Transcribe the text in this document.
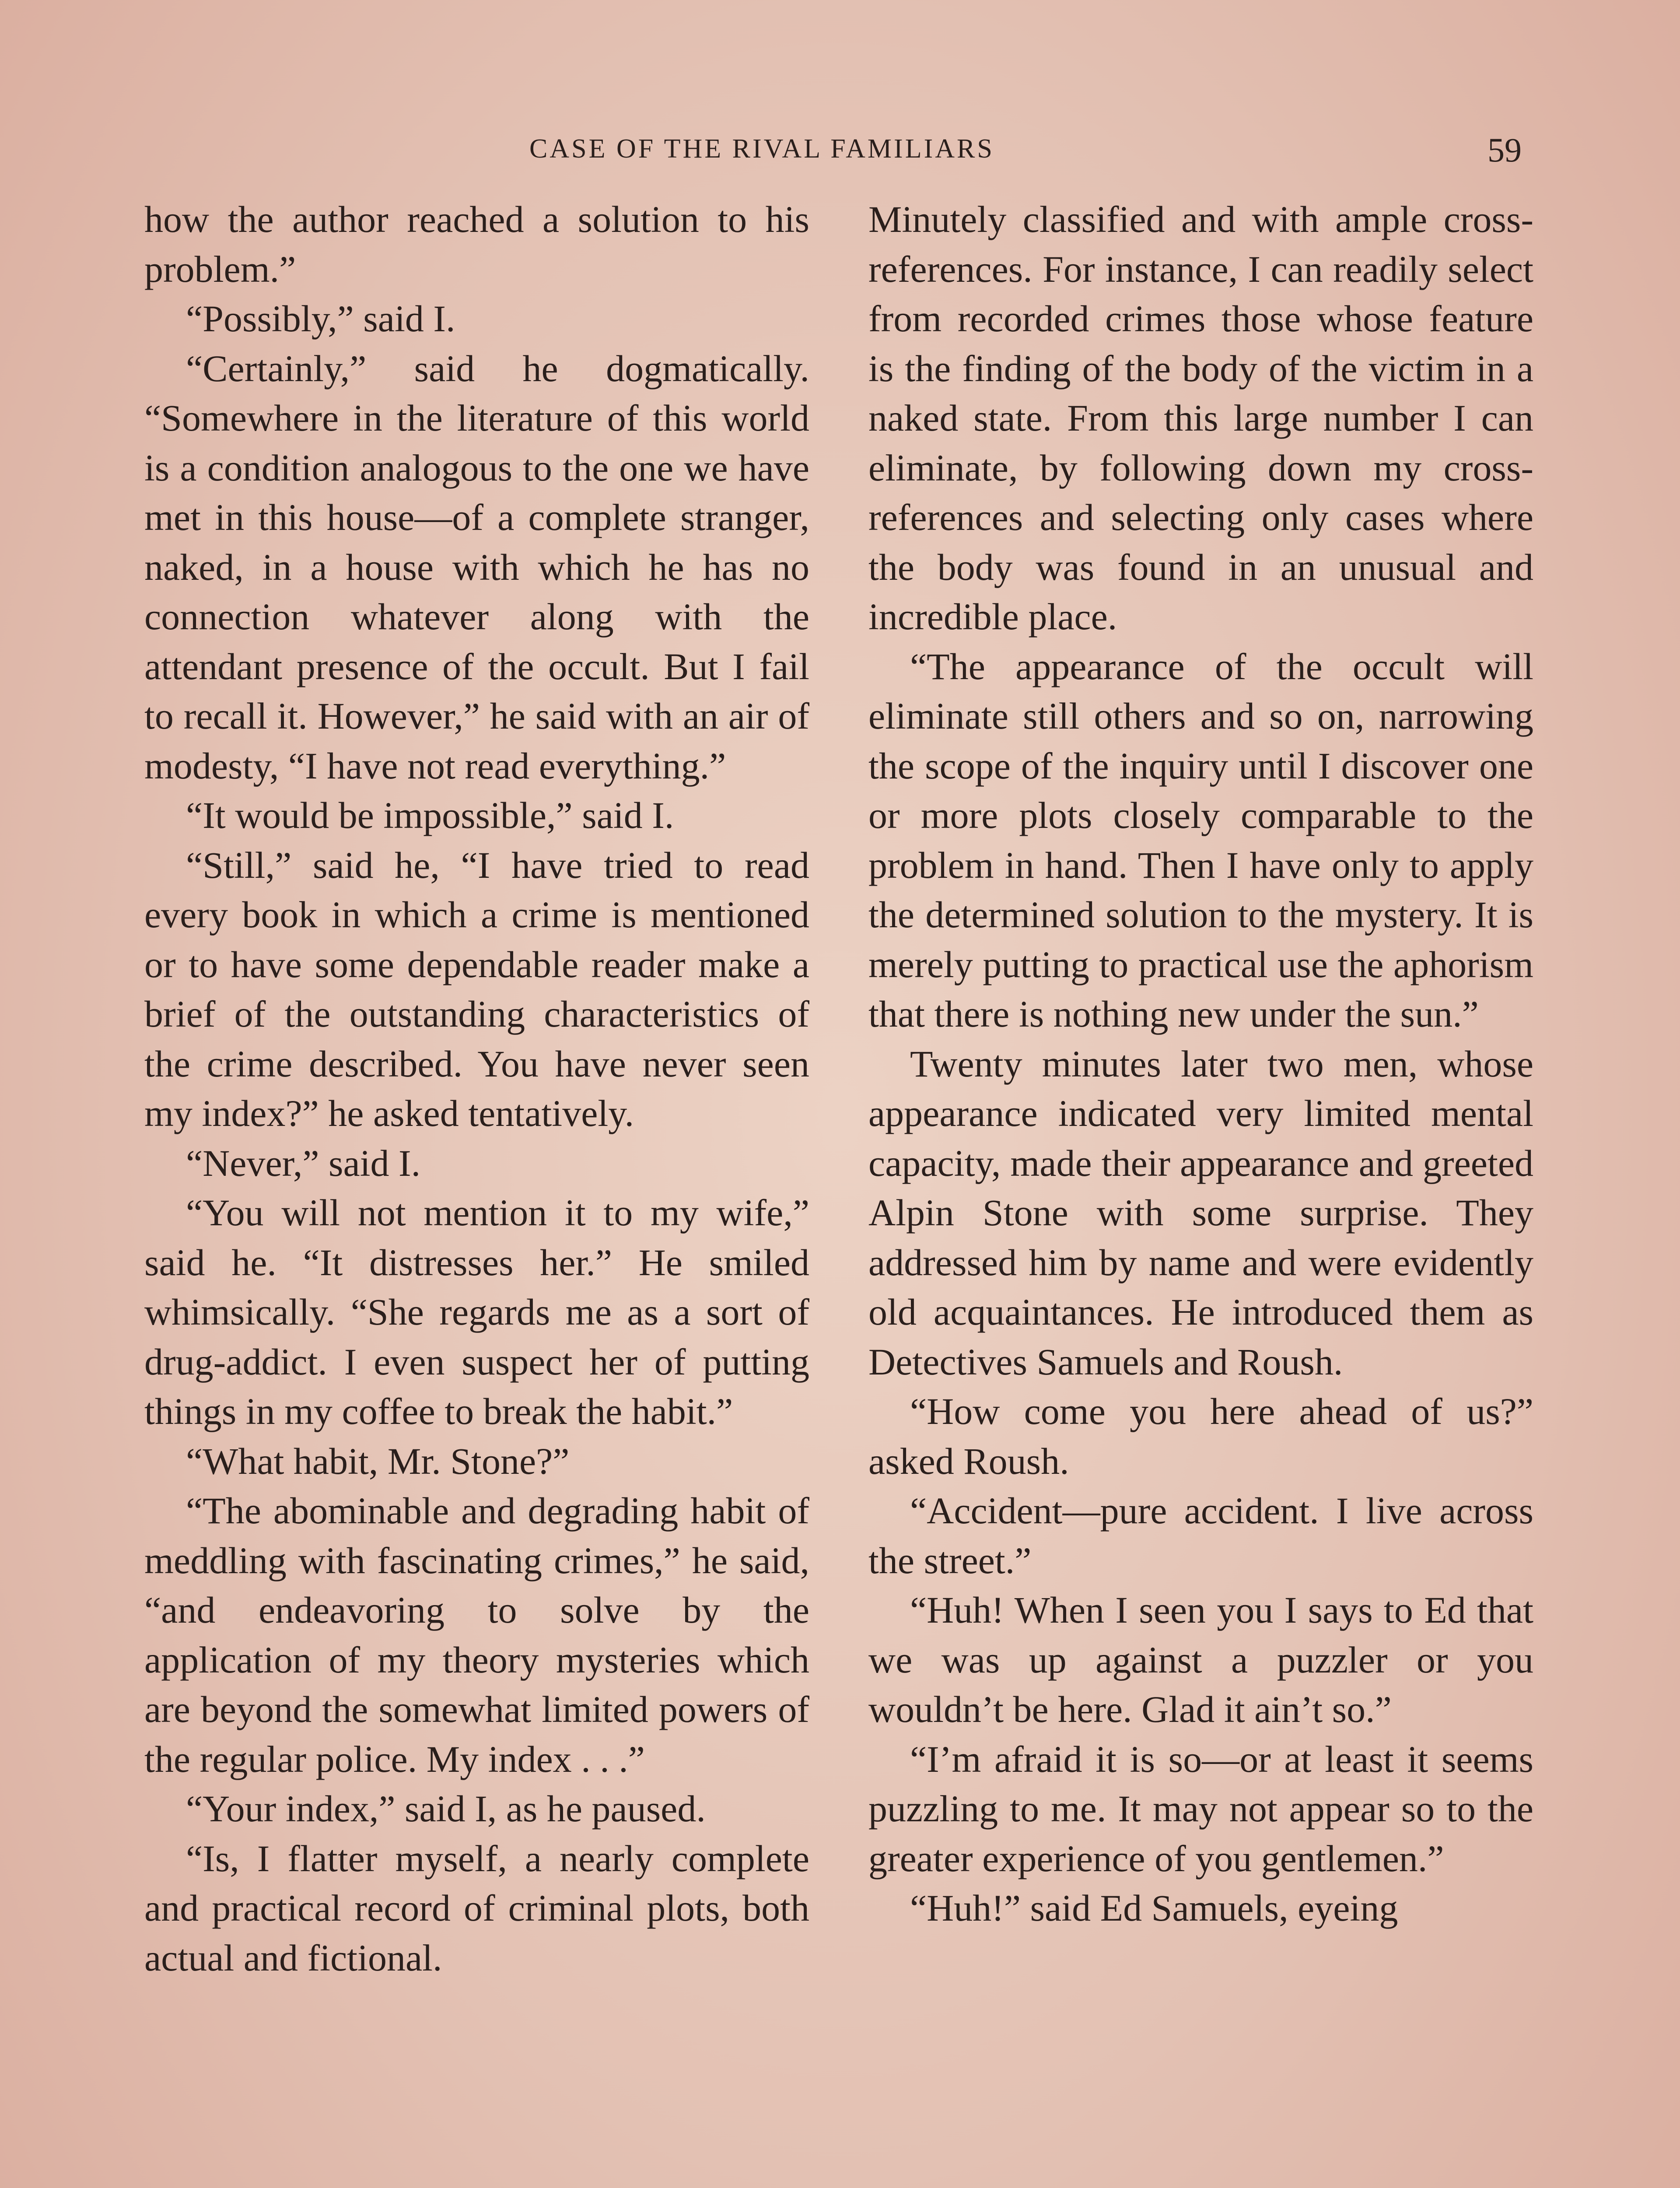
CASE OF THE RIVAL FAMILIARS	59

how the author reached a solution to his problem.”

“Possibly,” said I.

“Certainly,” said he dogmatically. “Somewhere in the literature of this world is a condition analogous to the one we have met in this house—of a complete stranger, naked, in a house with which he has no connection whatever along with the attendant presence of the occult. But I fail to recall it. However,” he said with an air of modesty, “I have not read everything.”

“It would be impossible,” said I.

“Still,” said he, “I have tried to read every book in which a crime is mentioned or to have some dependable reader make a brief of the outstanding characteristics of the crime described. You have never seen my index?” he asked tentatively.

“Never,” said I.

“You will not mention it to my wife,” said he. “It distresses her.” He smiled whimsically. “She regards me as a sort of drug-addict. I even suspect her of putting things in my coffee to break the habit.”

“What habit, Mr. Stone?”

“The abominable and degrading habit of meddling with fascinating crimes,” he said, “and endeavoring to solve by the application of my theory mysteries which are beyond the somewhat limited powers of the regular police. My index . . .”

“Your index,” said I, as he paused.

“Is, I flatter myself, a nearly complete and practical record of criminal plots, both actual and fictional.

Minutely classified and with ample cross-references. For instance, I can readily select from recorded crimes those whose feature is the finding of the body of the victim in a naked state. From this large number I can eliminate, by following down my cross-references and selecting only cases where the body was found in an unusual and incredible place.

“The appearance of the occult will eliminate still others and so on, narrowing the scope of the inquiry until I discover one or more plots closely comparable to the problem in hand. Then I have only to apply the determined solution to the mystery. It is merely putting to practical use the aphorism that there is nothing new under the sun.”

Twenty minutes later two men, whose appearance indicated very limited mental capacity, made their appearance and greeted Alpin Stone with some surprise. They addressed him by name and were evidently old acquaintances. He introduced them as Detectives Samuels and Roush.

“How come you here ahead of us?” asked Roush.

“Accident—pure accident. I live across the street.”

“Huh! When I seen you I says to Ed that we was up against a puzzler or you wouldn’t be here. Glad it ain’t so.”

“I’m afraid it is so—or at least it seems puzzling to me. It may not appear so to the greater experience of you gentlemen.”

“Huh!” said Ed Samuels, eyeing
